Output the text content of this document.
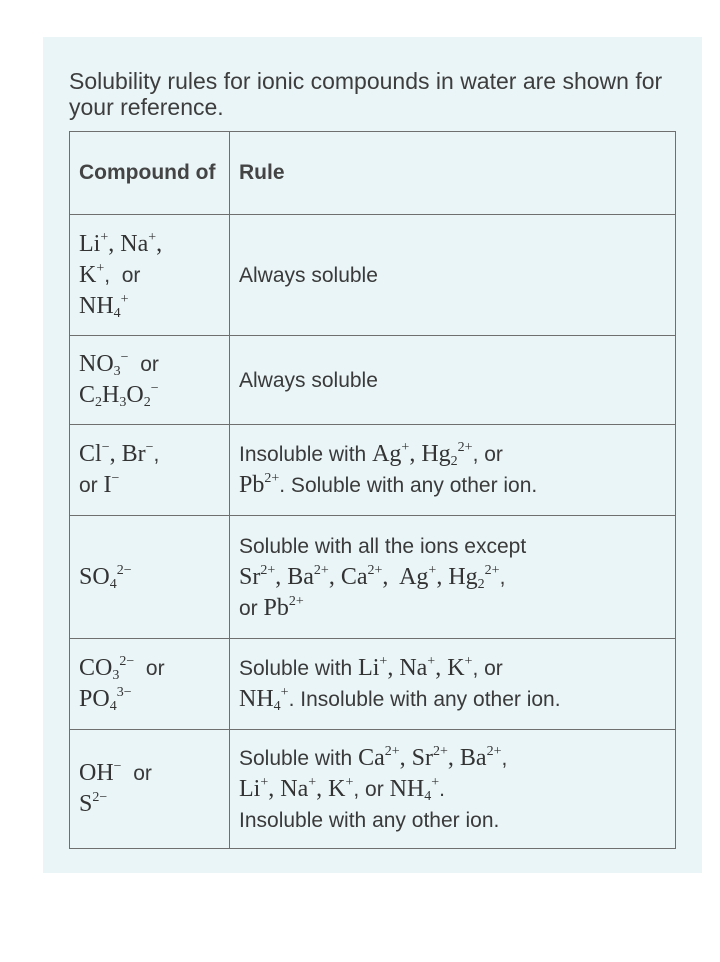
Solubility rules for ionic compounds in water are shown for your reference.
Compound of	Rule

Li+, Na+,
K+,  or
$NH_4^+$	Always soluble

$NO_3^-$  or
$C_2H_3O_2^-$	Always soluble

Cl−, Br−,
or I−	Insoluble with Ag+, $Hg_2^{2+}$, or
$Pb^{2+}$. Soluble with any other ion.

$SO_4^{2-}$	Soluble with all the ions except
$Sr^{2+}$, $Ba^{2+}$, $Ca^{2+}$,  Ag+, $Hg_2^{2+}$,
or $Pb^{2+}$

$CO_3^{2-}$  or
$PO_4^{3-}$	Soluble with Li+, Na+, K+, or
$NH_4^+$. Insoluble with any other ion.

OH−  or
$S^{2-}$	Soluble with $Ca^{2+}$, $Sr^{2+}$, $Ba^{2+}$,
Li+, Na+, K+, or $NH_4^+$.
Insoluble with any other ion.
